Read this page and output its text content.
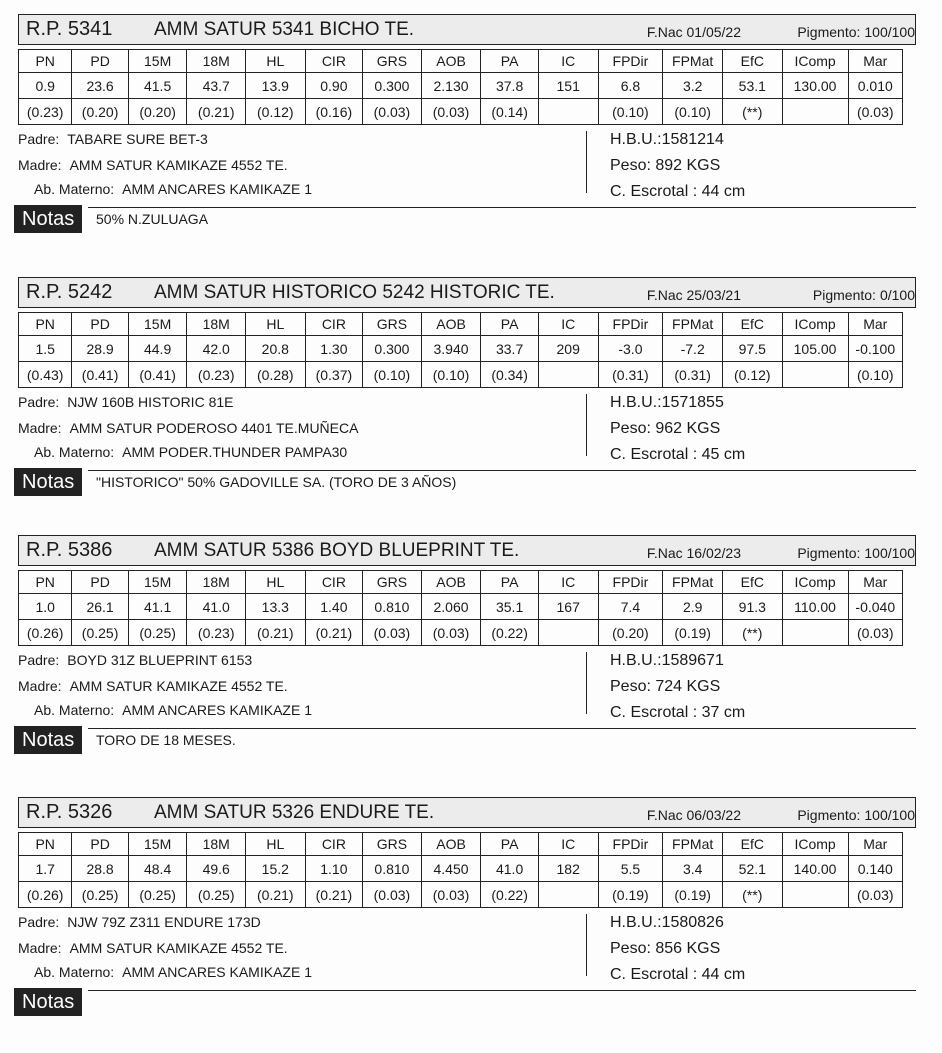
R.P. 5341 AMM SATUR 5341 BICHO TE.	F.Nac 01/05/22	Pigmento: 100/100
PN	PD	15M	18M	HL	CIR	GRS	AOB	PA	IC	FPDir	FPMat	EfC	IComp	Mar
0.9	23.6	41.5	43.7	13.9	0.90	0.300	2.130	37.8	151	6.8	3.2	53.1	130.00	0.010
(0.23)	(0.20)	(0.20)	(0.21)	(0.12)	(0.16)	(0.03)	(0.03)	(0.14)		(0.10)	(0.10)	(**)		(0.03)
Padre: TABARE SURE BET-3
Madre: AMM SATUR KAMIKAZE 4552 TE.
Ab. Materno: AMM ANCARES KAMIKAZE 1
H.B.U.:1581214
Peso: 892 KGS
C. Escrotal : 44 cm
Notas	50% N.ZULUAGA
R.P. 5242 AMM SATUR HISTORICO 5242 HISTORIC TE.	F.Nac 25/03/21	Pigmento: 0/100
PN	PD	15M	18M	HL	CIR	GRS	AOB	PA	IC	FPDir	FPMat	EfC	IComp	Mar
1.5	28.9	44.9	42.0	20.8	1.30	0.300	3.940	33.7	209	-3.0	-7.2	97.5	105.00	-0.100
(0.43)	(0.41)	(0.41)	(0.23)	(0.28)	(0.37)	(0.10)	(0.10)	(0.34)		(0.31)	(0.31)	(0.12)		(0.10)
Padre: NJW 160B HISTORIC 81E
Madre: AMM SATUR PODEROSO 4401 TE.MUÑECA
Ab. Materno: AMM PODER.THUNDER PAMPA30
H.B.U.:1571855
Peso: 962 KGS
C. Escrotal : 45 cm
Notas	"HISTORICO" 50% GADOVILLE SA. (TORO DE 3 AÑOS)
R.P. 5386 AMM SATUR 5386 BOYD BLUEPRINT TE.	F.Nac 16/02/23	Pigmento: 100/100
PN	PD	15M	18M	HL	CIR	GRS	AOB	PA	IC	FPDir	FPMat	EfC	IComp	Mar
1.0	26.1	41.1	41.0	13.3	1.40	0.810	2.060	35.1	167	7.4	2.9	91.3	110.00	-0.040
(0.26)	(0.25)	(0.25)	(0.23)	(0.21)	(0.21)	(0.03)	(0.03)	(0.22)		(0.20)	(0.19)	(**)		(0.03)
Padre: BOYD 31Z BLUEPRINT 6153
Madre: AMM SATUR KAMIKAZE 4552 TE.
Ab. Materno: AMM ANCARES KAMIKAZE 1
H.B.U.:1589671
Peso: 724 KGS
C. Escrotal : 37 cm
Notas	TORO DE 18 MESES.
R.P. 5326 AMM SATUR 5326 ENDURE TE.	F.Nac 06/03/22	Pigmento: 100/100
PN	PD	15M	18M	HL	CIR	GRS	AOB	PA	IC	FPDir	FPMat	EfC	IComp	Mar
1.7	28.8	48.4	49.6	15.2	1.10	0.810	4.450	41.0	182	5.5	3.4	52.1	140.00	0.140
(0.26)	(0.25)	(0.25)	(0.25)	(0.21)	(0.21)	(0.03)	(0.03)	(0.22)		(0.19)	(0.19)	(**)		(0.03)
Padre: NJW 79Z Z311 ENDURE 173D
Madre: AMM SATUR KAMIKAZE 4552 TE.
Ab. Materno: AMM ANCARES KAMIKAZE 1
H.B.U.:1580826
Peso: 856 KGS
C. Escrotal : 44 cm
Notas
